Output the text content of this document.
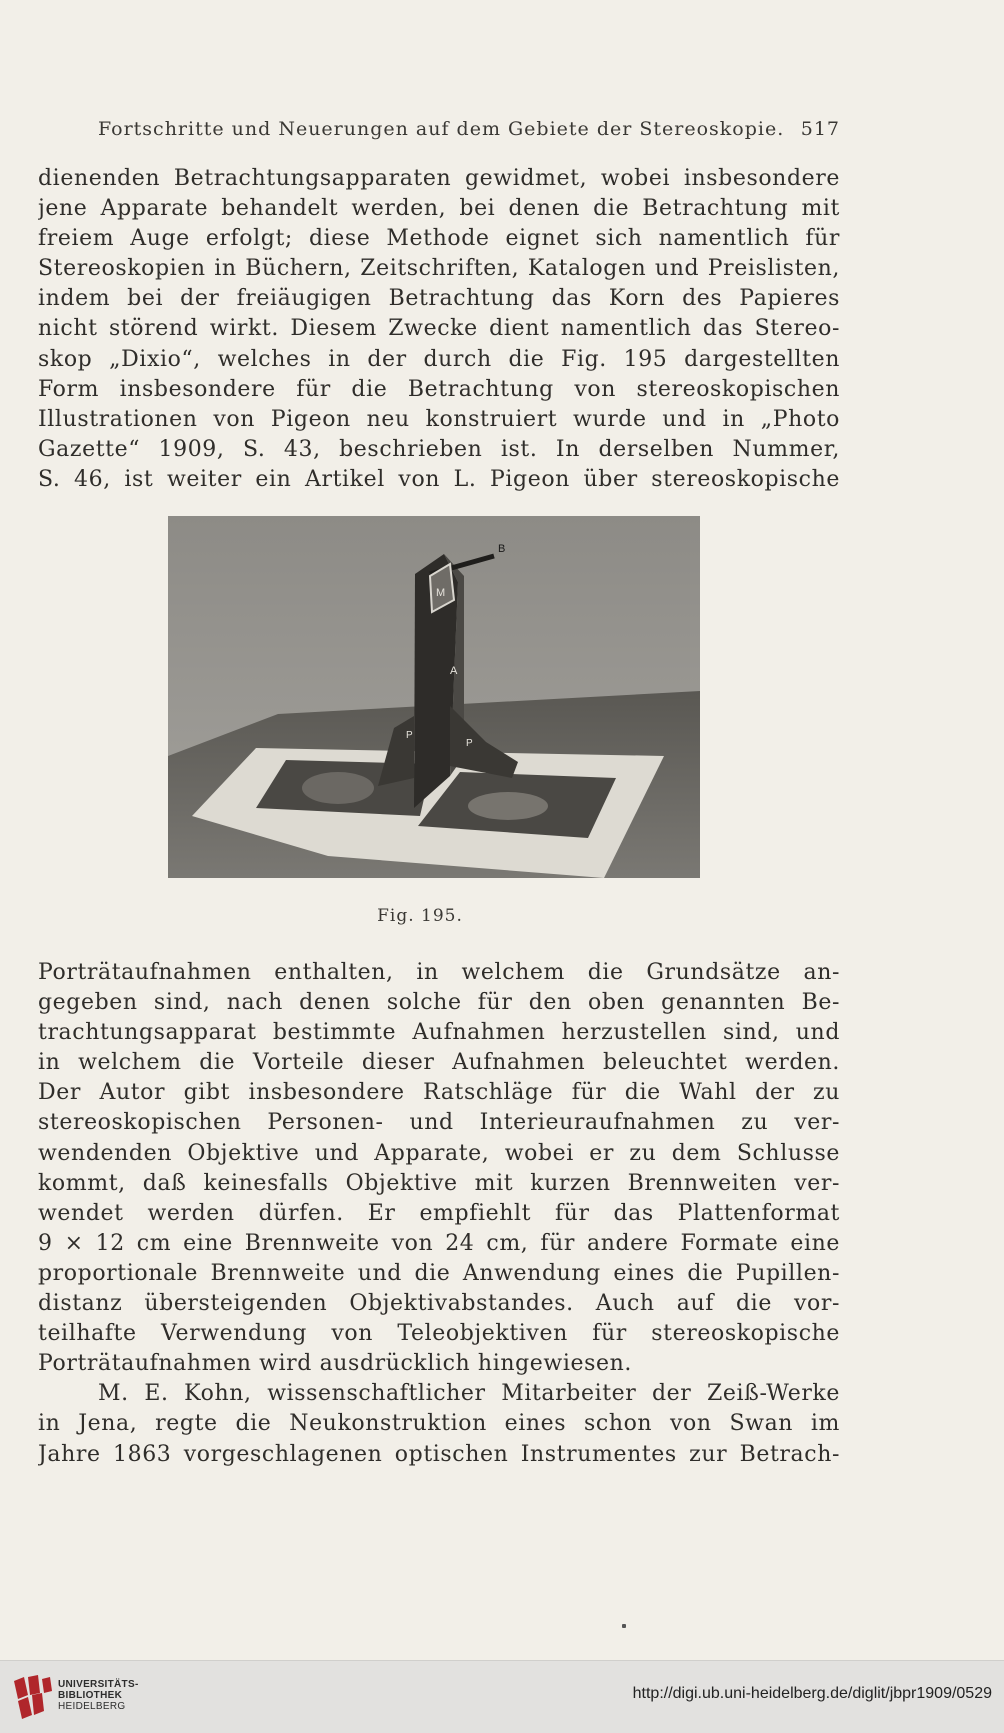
Fortschritte und Neuerungen auf dem Gebiete der Stereoskopie. 517
dienenden Betrachtungsapparaten gewidmet, wobei insbesondere
jene Apparate behandelt werden, bei denen die Betrachtung mit
freiem Auge erfolgt; diese Methode eignet sich namentlich für
Stereoskopien in Büchern, Zeitschriften, Katalogen und Preislisten,
indem bei der freiäugigen Betrachtung das Korn des Papieres
nicht störend wirkt. Diesem Zwecke dient namentlich das Stereo-
skop „Dixio“, welches in der durch die Fig. 195 dargestellten
Form insbesondere für die Betrachtung von stereoskopischen
Illustrationen von Pigeon neu konstruiert wurde und in „Photo
Gazette“ 1909, S. 43, beschrieben ist. In derselben Nummer,
S. 46, ist weiter ein Artikel von L. Pigeon über stereoskopische
B
M
A
P
P
Fig. 195.
Porträtaufnahmen enthalten, in welchem die Grundsätze an-
gegeben sind, nach denen solche für den oben genannten Be-
trachtungsapparat bestimmte Aufnahmen herzustellen sind, und
in welchem die Vorteile dieser Aufnahmen beleuchtet werden.
Der Autor gibt insbesondere Ratschläge für die Wahl der zu
stereoskopischen Personen- und Interieuraufnahmen zu ver-
wendenden Objektive und Apparate, wobei er zu dem Schlusse
kommt, daß keinesfalls Objektive mit kurzen Brennweiten ver-
wendet werden dürfen. Er empfiehlt für das Plattenformat
9 × 12 cm eine Brennweite von 24 cm, für andere Formate eine
proportionale Brennweite und die Anwendung eines die Pupillen-
distanz übersteigenden Objektivabstandes. Auch auf die vor-
teilhafte Verwendung von Teleobjektiven für stereoskopische
Porträtaufnahmen wird ausdrücklich hingewiesen.
M. E. Kohn, wissenschaftlicher Mitarbeiter der Zeiß-Werke
in Jena, regte die Neukonstruktion eines schon von Swan im
Jahre 1863 vorgeschlagenen optischen Instrumentes zur Betrach-
UNIVERSITÄTS-
BIBLIOTHEK
HEIDELBERG
http://digi.ub.uni-heidelberg.de/diglit/jbpr1909/0529
